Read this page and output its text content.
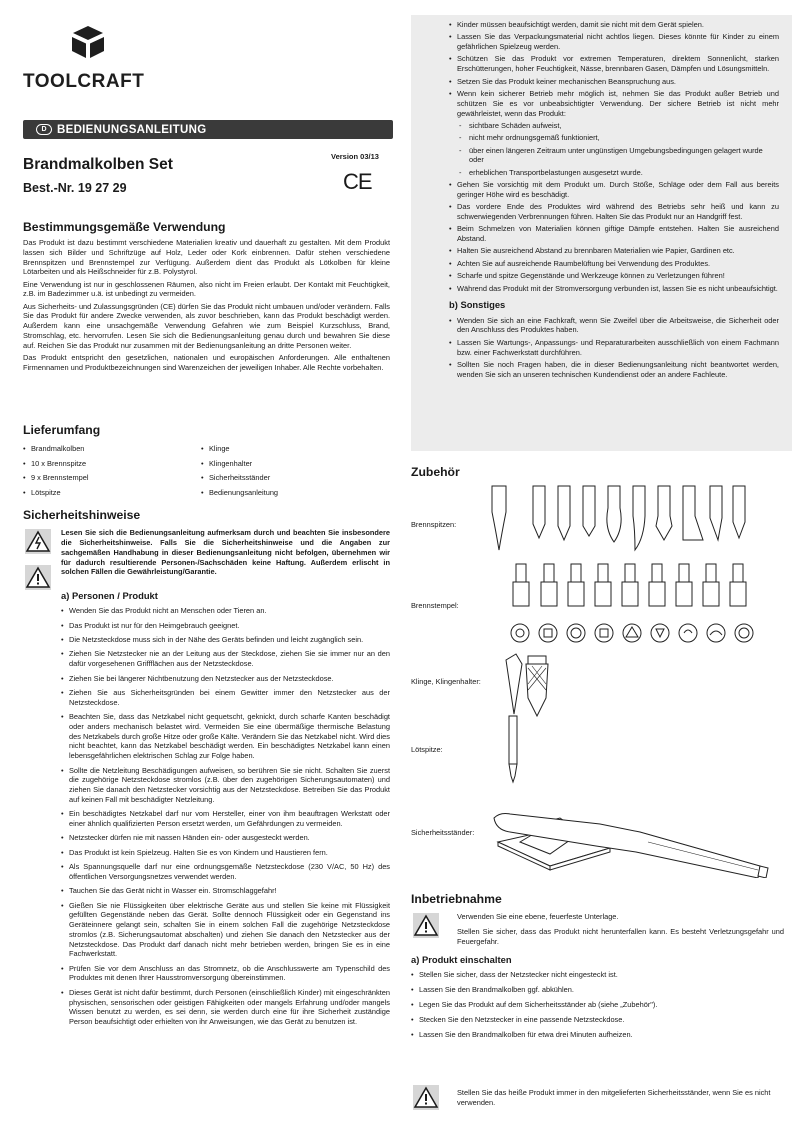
TOOLCRAFT
D BEDIENUNGSANLEITUNG
Brandmalkolben Set
Best.-Nr. 19 27 29
Version 03/13
CE
Bestimmungsgemäße Verwendung

Das Produkt ist dazu bestimmt verschiedene Materialien kreativ und dauerhaft zu gestalten. Mit dem Produkt lassen sich Bilder und Schriftzüge auf Holz, Leder oder Kork einbrennen. Dafür stehen verschiedene Brennspitzen und Brennstempel zur Verfügung. Außerdem dient das Produkt als Lötkolben für kleine Lötarbeiten und als Heißschneider für z.B. Polystyrol.

Eine Verwendung ist nur in geschlossenen Räumen, also nicht im Freien erlaubt. Der Kontakt mit Feuchtigkeit, z.B. im Badezimmer u.ä. ist unbedingt zu vermeiden.

Aus Sicherheits- und Zulassungsgründen (CE) dürfen Sie das Produkt nicht umbauen und/oder verändern. Falls Sie das Produkt für andere Zwecke verwenden, als zuvor beschrieben, kann das Produkt beschädigt werden. Außerdem kann eine unsachgemäße Verwendung Gefahren wie zum Beispiel Kurzschluss, Brand, Stromschlag, etc. hervorrufen. Lesen Sie sich die Bedienungsanleitung genau durch und bewahren Sie diese auf. Reichen Sie das Produkt nur zusammen mit der Bedienungsanleitung an dritte Personen weiter.

Das Produkt entspricht den gesetzlichen, nationalen und europäischen Anforderungen. Alle enthaltenen Firmennamen und Produktbezeichnungen sind Warenzeichen der jeweiligen Inhaber. Alle Rechte vorbehalten.

Lieferumfang
• Brandmalkolben
• 10 x Brennspitze
• 9 x Brennstempel
• Lötspitze
• Klinge
• Klingenhalter
• Sicherheitsständer
• Bedienungsanleitung
Sicherheitshinweise
Lesen Sie sich die Bedienungsanleitung aufmerksam durch und beachten Sie insbesondere die Sicherheitshinweise. Falls Sie die Sicherheitshinweise und die Angaben zur sachgemäßen Handhabung in dieser Bedienungsanleitung nicht befolgen, übernehmen wir für dadurch resultierende Personen-/Sachschäden keine Haftung. Außerdem erlischt in solchen Fällen die Gewährleistung/Garantie.
a) Personen / Produkt
• Wenden Sie das Produkt nicht an Menschen oder Tieren an.
• Das Produkt ist nur für den Heimgebrauch geeignet.
• Die Netzsteckdose muss sich in der Nähe des Geräts befinden und leicht zugänglich sein.
• Ziehen Sie Netzstecker nie an der Leitung aus der Steckdose, ziehen Sie sie immer nur an den dafür vorgesehenen Griffflächen aus der Netzsteckdose.
• Ziehen Sie bei längerer Nichtbenutzung den Netzstecker aus der Netzsteckdose.
• Ziehen Sie aus Sicherheitsgründen bei einem Gewitter immer den Netzstecker aus der Netzsteckdose.
• Beachten Sie, dass das Netzkabel nicht gequetscht, geknickt, durch scharfe Kanten beschädigt oder anders mechanisch belastet wird. Vermeiden Sie eine übermäßige thermische Belastung des Netzkabels durch große Hitze oder große Kälte. Verändern Sie das Netzkabel nicht. Wird dies nicht beachtet, kann das Netzkabel beschädigt werden. Ein beschädigtes Netzkabel kann einen lebensgefährlichen elektrischen Schlag zur Folge haben.
• Sollte die Netzleitung Beschädigungen aufweisen, so berühren Sie sie nicht. Schalten Sie zuerst die zugehörige Netzsteckdose stromlos (z.B. über den zugehörigen Sicherungsautomaten) und ziehen Sie danach den Netzstecker vorsichtig aus der Netzsteckdose. Betreiben Sie das Produkt auf keinen Fall mit beschädigter Netzleitung.
• Ein beschädigtes Netzkabel darf nur vom Hersteller, einer von ihm beauftragen Werkstatt oder einer ähnlich qualifizierten Person ersetzt werden, um Gefährdungen zu vermeiden.
• Netzstecker dürfen nie mit nassen Händen ein- oder ausgesteckt werden.
• Das Produkt ist kein Spielzeug. Halten Sie es von Kindern und Haustieren fern.
• Als Spannungsquelle darf nur eine ordnungsgemäße Netzsteckdose (230 V/AC, 50 Hz) des öffentlichen Versorgungsnetzes verwendet werden.
• Tauchen Sie das Gerät nicht in Wasser ein. Stromschlaggefahr!
• Gießen Sie nie Flüssigkeiten über elektrische Geräte aus und stellen Sie keine mit Flüssigkeit gefüllten Gegenstände neben das Gerät. Sollte dennoch Flüssigkeit oder ein Gegenstand ins Geräteinnere gelangt sein, schalten Sie in einem solchen Fall die zugehörige Netzsteckdose stromlos (z.B. Sicherungsautomat abschalten) und ziehen Sie danach den Netzstecker aus der Netzsteckdose. Das Produkt darf danach nicht mehr betrieben werden, bringen Sie es in eine Fachwerkstatt.
• Prüfen Sie vor dem Anschluss an das Stromnetz, ob die Anschlusswerte am Typenschild des Produktes mit denen Ihrer Hausstromversorgung übereinstimmen.
• Dieses Gerät ist nicht dafür bestimmt, durch Personen (einschließlich Kinder) mit eingeschränkten physischen, sensorischen oder geistigen Fähigkeiten oder mangels Erfahrung und/oder mangels Wissen benutzt zu werden, es sei denn, sie werden durch eine für ihre Sicherheit zuständige Person beaufsichtigt oder erhielten von ihr Anweisungen, wie das Gerät zu benutzen ist.
• Kinder müssen beaufsichtigt werden, damit sie nicht mit dem Gerät spielen.
• Lassen Sie das Verpackungsmaterial nicht achtlos liegen. Dieses könnte für Kinder zu einem gefährlichen Spielzeug werden.
• Schützen Sie das Produkt vor extremen Temperaturen, direktem Sonnenlicht, starken Erschütterungen, hoher Feuchtigkeit, Nässe, brennbaren Gasen, Dämpfen und Lösungsmitteln.
• Setzen Sie das Produkt keiner mechanischen Beanspruchung aus.
• Wenn kein sicherer Betrieb mehr möglich ist, nehmen Sie das Produkt außer Betrieb und schützen Sie es vor unbeabsichtigter Verwendung. Der sichere Betrieb ist nicht mehr gewährleistet, wenn das Produkt:
- sichtbare Schäden aufweist,
- nicht mehr ordnungsgemäß funktioniert,
- über einen längeren Zeitraum unter ungünstigen Umgebungsbedingungen gelagert wurde oder
- erheblichen Transportbelastungen ausgesetzt wurde.
• Gehen Sie vorsichtig mit dem Produkt um. Durch Stöße, Schläge oder dem Fall aus bereits geringer Höhe wird es beschädigt.
• Das vordere Ende des Produktes wird während des Betriebs sehr heiß und kann zu schwerwiegenden Verbrennungen führen. Halten Sie das Produkt nur an Handgriff fest.
• Beim Schmelzen von Materialien können giftige Dämpfe entstehen. Halten Sie ausreichend Abstand.
• Halten Sie ausreichend Abstand zu brennbaren Materialien wie Papier, Gardinen etc.
• Achten Sie auf ausreichende Raumbelüftung bei Verwendung des Produktes.
• Scharfe und spitze Gegenstände und Werkzeuge können zu Verletzungen führen!
• Während das Produkt mit der Stromversorgung verbunden ist, lassen Sie es nicht unbeaufsichtigt.
b) Sonstiges
• Wenden Sie sich an eine Fachkraft, wenn Sie Zweifel über die Arbeitsweise, die Sicherheit oder den Anschluss des Produktes haben.
• Lassen Sie Wartungs-, Anpassungs- und Reparaturarbeiten ausschließlich von einem Fachmann bzw. einer Fachwerkstatt durchführen.
• Sollten Sie noch Fragen haben, die in dieser Bedienungsanleitung nicht beantwortet werden, wenden Sie sich an unseren technischen Kundendienst oder an andere Fachleute.
Zubehör
Brennspitzen:
Brennstempel:
Klinge, Klingenhalter:
Lötspitze:
Sicherheitsständer:
Inbetriebnahme

Verwenden Sie eine ebene, feuerfeste Unterlage.

Stellen Sie sicher, dass das Produkt nicht herunterfallen kann. Es besteht Verletzungsgefahr und Feuergefahr.

a) Produkt einschalten
• Stellen Sie sicher, dass der Netzstecker nicht eingesteckt ist.
• Lassen Sie den Brandmalkolben ggf. abkühlen.
• Legen Sie das Produkt auf dem Sicherheitsständer ab (siehe „Zubehör").
• Stecken Sie den Netzstecker in eine passende Netzsteckdose.
• Lassen Sie den Brandmalkolben für etwa drei Minuten aufheizen.
Stellen Sie das heiße Produkt immer in den mitgelieferten Sicherheitsständer, wenn Sie es nicht verwenden.
